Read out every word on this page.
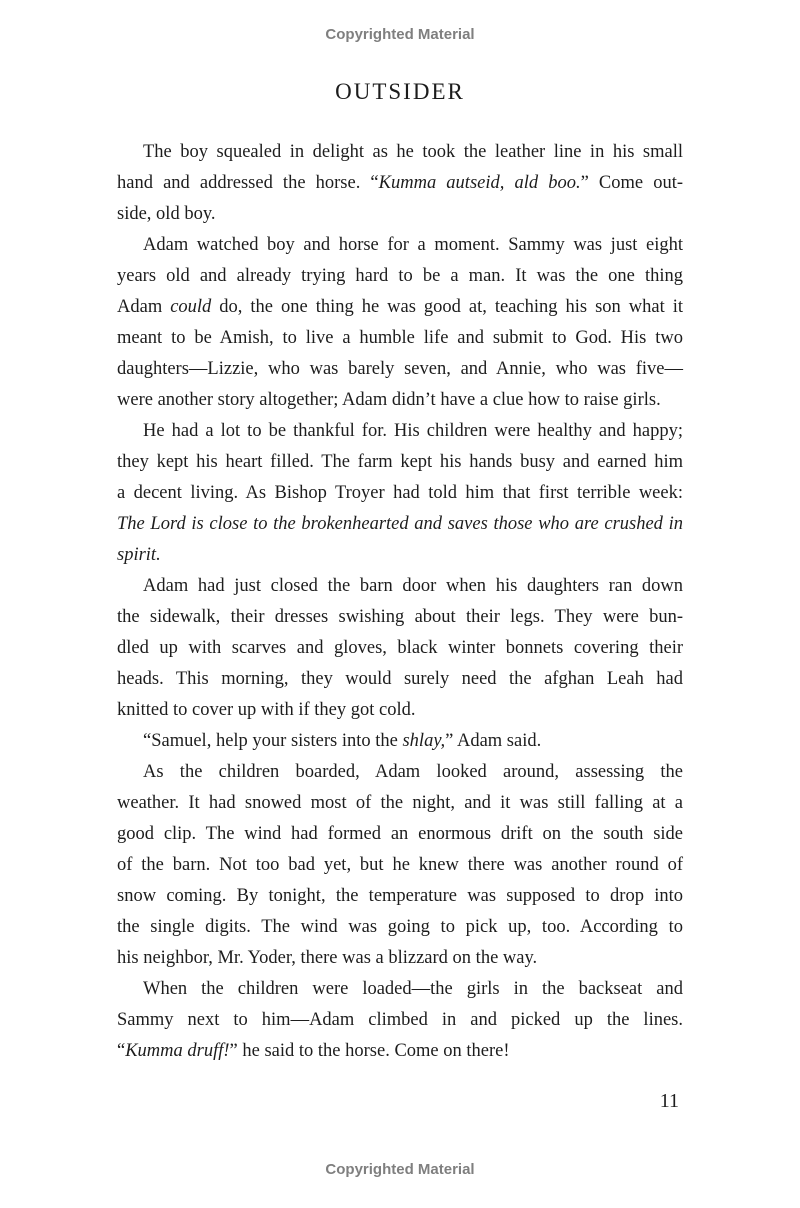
Copyrighted Material
OUTSIDER
The boy squealed in delight as he took the leather line in his small
hand and addressed the horse. “Kumma autseid, ald boo.” Come out-
side, old boy.
Adam watched boy and horse for a moment. Sammy was just eight
years old and already trying hard to be a man. It was the one thing
Adam could do, the one thing he was good at, teaching his son what it
meant to be Amish, to live a humble life and submit to God. His two
daughters—Lizzie, who was barely seven, and Annie, who was five—
were another story altogether; Adam didn’t have a clue how to raise girls.
He had a lot to be thankful for. His children were healthy and happy;
they kept his heart filled. The farm kept his hands busy and earned him
a decent living. As Bishop Troyer had told him that first terrible week:
The Lord is close to the brokenhearted and saves those who are crushed in
spirit.
Adam had just closed the barn door when his daughters ran down
the sidewalk, their dresses swishing about their legs. They were bun-
dled up with scarves and gloves, black winter bonnets covering their
heads. This morning, they would surely need the afghan Leah had
knitted to cover up with if they got cold.
“Samuel, help your sisters into the shlay,” Adam said.
As the children boarded, Adam looked around, assessing the
weather. It had snowed most of the night, and it was still falling at a
good clip. The wind had formed an enormous drift on the south side
of the barn. Not too bad yet, but he knew there was another round of
snow coming. By tonight, the temperature was supposed to drop into
the single digits. The wind was going to pick up, too. According to
his neighbor, Mr. Yoder, there was a blizzard on the way.
When the children were loaded—the girls in the backseat and
Sammy next to him—Adam climbed in and picked up the lines.
“Kumma druff!” he said to the horse. Come on there!
11
Copyrighted Material
